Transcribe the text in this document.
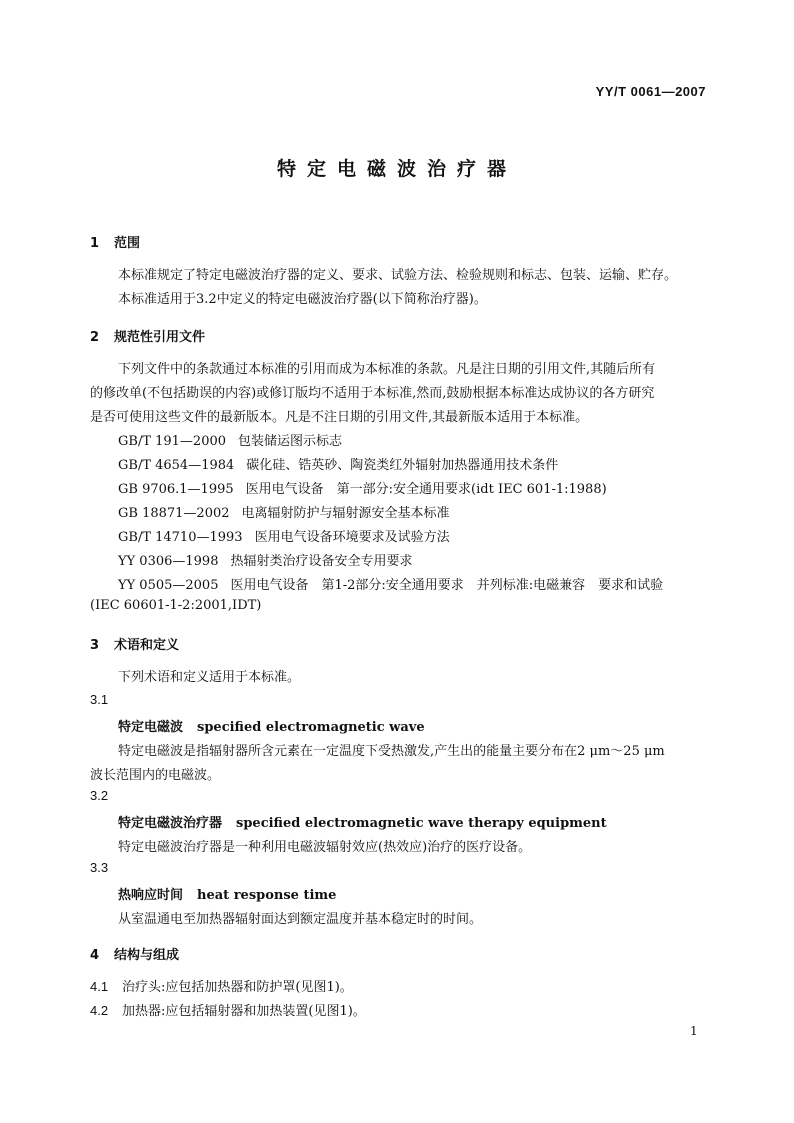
YY/T 0061—2007
特定电磁波治疗器
1 范围
本标准规定了特定电磁波治疗器的定义、要求、试验方法、检验规则和标志、包装、运输、贮存。
本标准适用于3.2中定义的特定电磁波治疗器(以下简称治疗器)。
2 规范性引用文件
下列文件中的条款通过本标准的引用而成为本标准的条款。凡是注日期的引用文件,其随后所有
的修改单(不包括勘误的内容)或修订版均不适用于本标准,然而,鼓励根据本标准达成协议的各方研究
是否可使用这些文件的最新版本。凡是不注日期的引用文件,其最新版本适用于本标准。
GB/T 191—2000 包装储运图示标志
GB/T 4654—1984 碳化硅、锆英砂、陶瓷类红外辐射加热器通用技术条件
GB 9706.1—1995 医用电气设备　第一部分:安全通用要求(idt IEC 601-1:1988)
GB 18871—2002 电离辐射防护与辐射源安全基本标准
GB/T 14710—1993 医用电气设备环境要求及试验方法
YY 0306—1998 热辐射类治疗设备安全专用要求
YY 0505—2005 医用电气设备　第1-2部分:安全通用要求　并列标准:电磁兼容　要求和试验
(IEC 60601-1-2:2001,IDT)
3 术语和定义
下列术语和定义适用于本标准。
3.1
特定电磁波 specified electromagnetic wave
特定电磁波是指辐射器所含元素在一定温度下受热激发,产生出的能量主要分布在2 μm～25 μm
波长范围内的电磁波。
3.2
特定电磁波治疗器 specified electromagnetic wave therapy equipment
特定电磁波治疗器是一种利用电磁波辐射效应(热效应)治疗的医疗设备。
3.3
热响应时间 heat response time
从室温通电至加热器辐射面达到额定温度并基本稳定时的时间。
4 结构与组成
4.1 治疗头:应包括加热器和防护罩(见图1)。
4.2 加热器:应包括辐射器和加热装置(见图1)。
1
